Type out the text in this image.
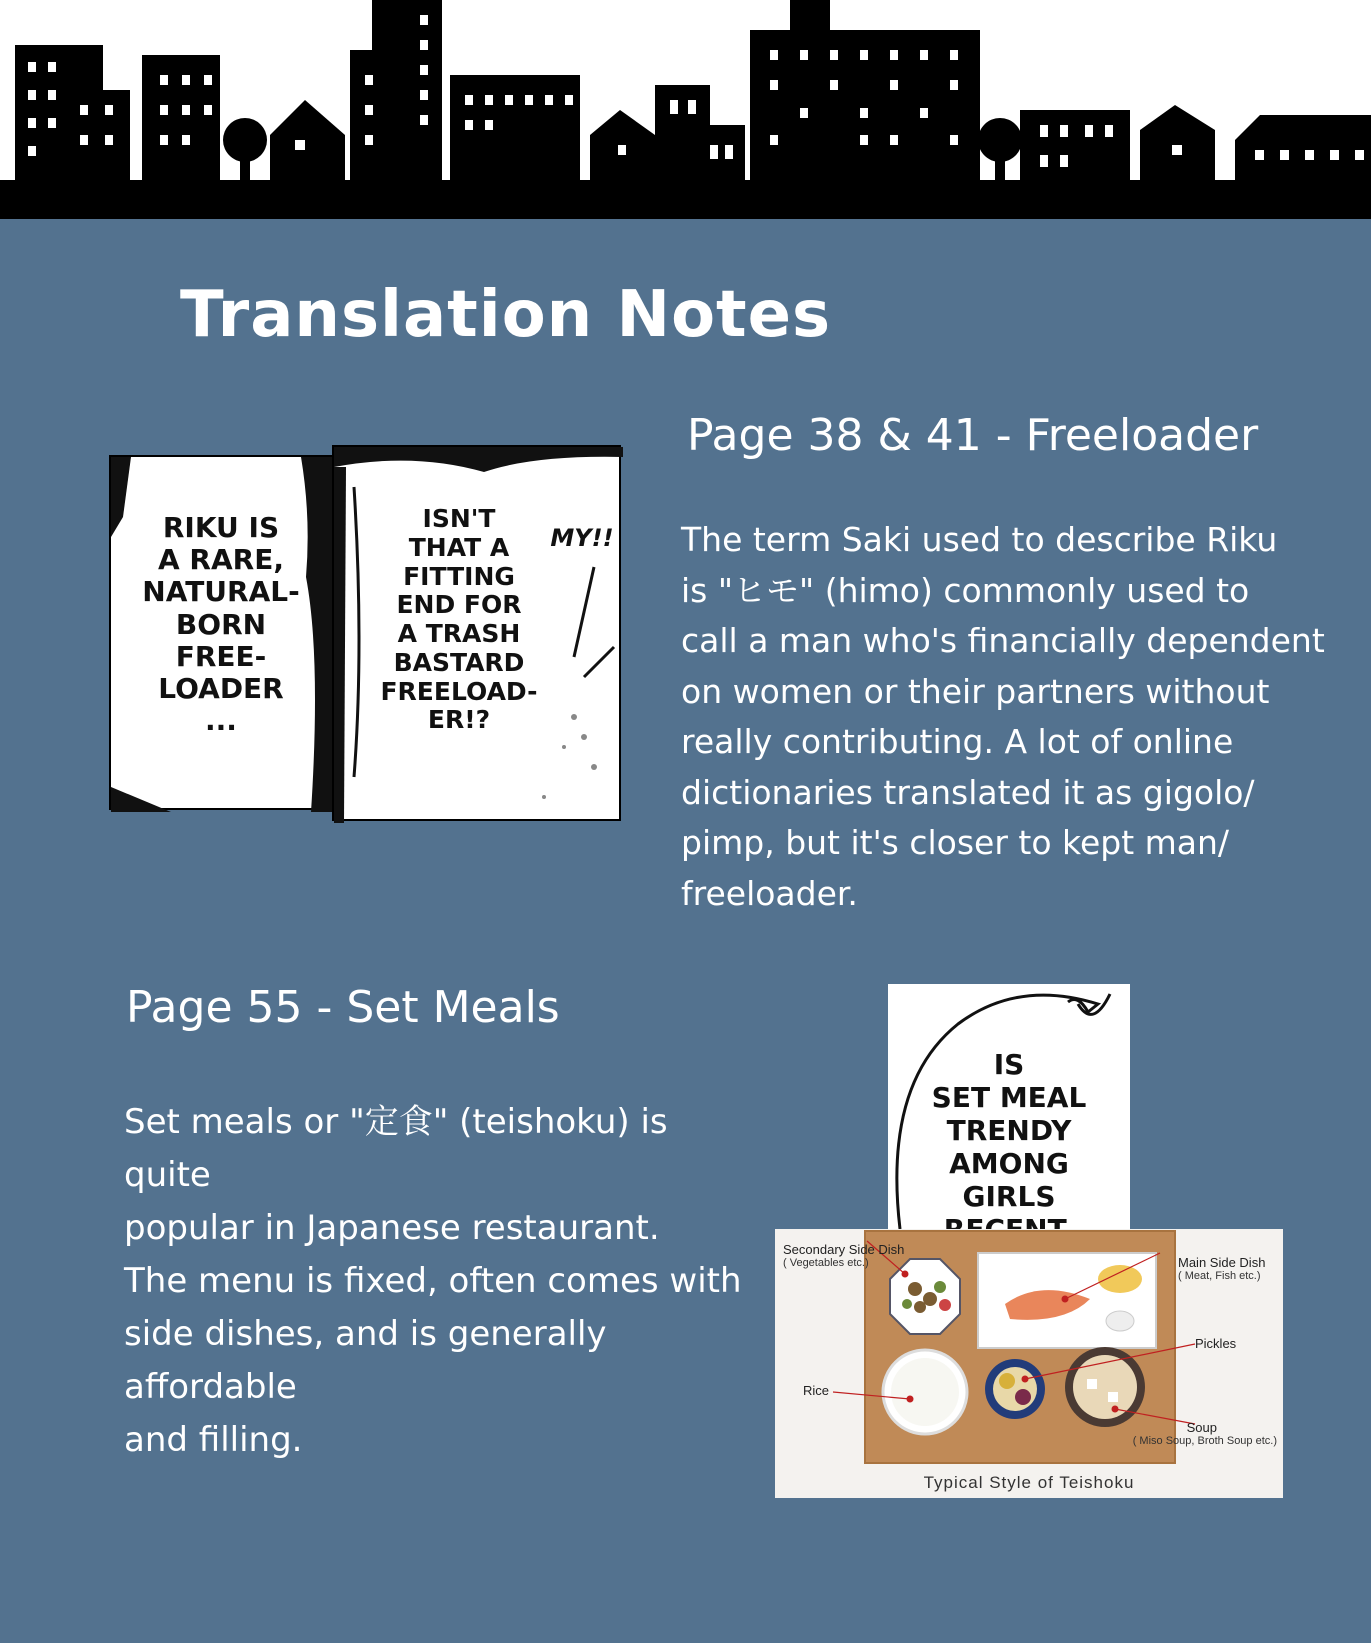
Translation Notes
RIKU IS
A RARE,
NATURAL-
BORN
FREE-
LOADER
...
ISN'T
THAT A
FITTING
END FOR
A TRASH
BASTARD
FREELOAD-
ER!?
MY!!
Page 38 & 41 - Freeloader
The term Saki used to describe Riku
is "ヒモ" (himo) commonly used to
call a man who's financially dependent
on women or their partners without
really contributing. A lot of online
dictionaries translated it as gigolo/
pimp, but it's closer to kept man/
freeloader.
Page 55 - Set Meals
Set meals or "定食" (teishoku) is quite
popular in Japanese restaurant.
The menu is fixed, often comes with
side dishes, and is generally affordable
and filling.
IS
SET MEAL
TRENDY
AMONG
GIRLS

Secondary Side Dish
( Vegetables etc.)	Main Side Dish
( Meat, Fish etc.)
Pickles
Rice
Soup
( Miso Soup, Broth Soup etc.)
Typical Style of Teishoku
